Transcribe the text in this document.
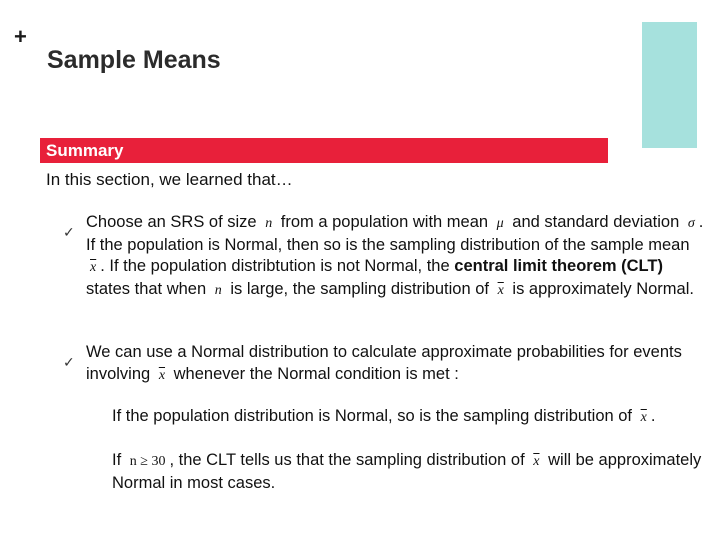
+
Sample Means
Summary
In this section, we learned that…
✓
Choose an SRS of size n from a population with mean μ and standard deviation σ . If the population is Normal, then so is the sampling distribution of the sample mean $\overline{x}$ . If the population distribtution is not Normal, the central limit theorem (CLT) states that when n is large, the sampling distribution of $\overline{x}$ is approximately Normal.
✓
We can use a Normal distribution to calculate approximate probabilities for events involving $\overline{x}$ whenever the Normal condition is met :
If the population distribution is Normal, so is the sampling distribution of $\overline{x}$ .
If n ≥ 30 , the CLT tells us that the sampling distribution of $\overline{x}$ will be approximately Normal in most cases.
